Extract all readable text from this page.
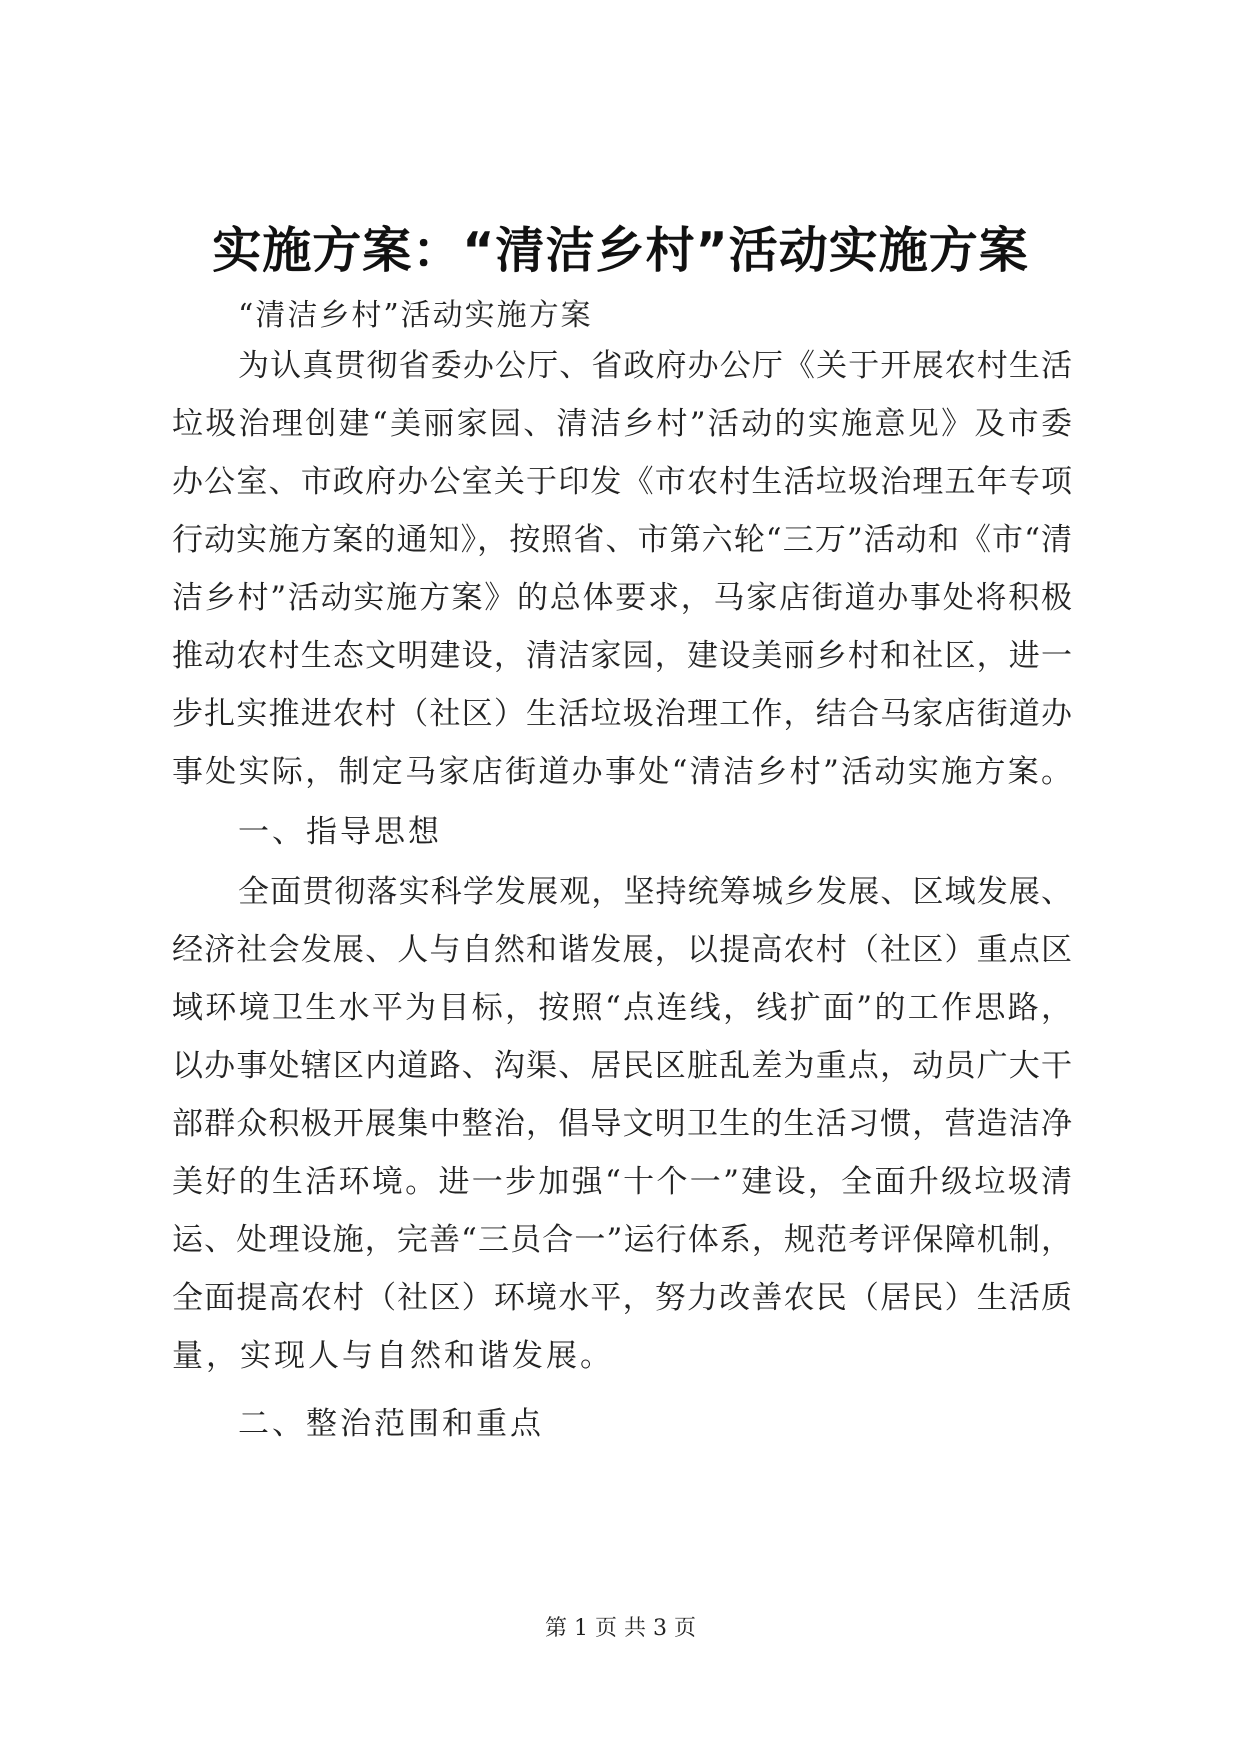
实施方案：“清洁乡村”活动实施方案
“清洁乡村”活动实施方案
为认真贯彻省委办公厅、省政府办公厅《关于开展农村生活
垃圾治理创建“美丽家园、清洁乡村”活动的实施意见》及市委
办公室、市政府办公室关于印发《市农村生活垃圾治理五年专项
行动实施方案的通知》，按照省、市第六轮“三万”活动和《市“清
洁乡村”活动实施方案》的总体要求，马家店街道办事处将积极
推动农村生态文明建设，清洁家园，建设美丽乡村和社区，进一
步扎实推进农村（社区）生活垃圾治理工作，结合马家店街道办
事处实际，制定马家店街道办事处“清洁乡村”活动实施方案。
一、指导思想
全面贯彻落实科学发展观，坚持统筹城乡发展、区域发展、
经济社会发展、人与自然和谐发展，以提高农村（社区）重点区
域环境卫生水平为目标，按照“点连线，线扩面”的工作思路，
以办事处辖区内道路、沟渠、居民区脏乱差为重点，动员广大干
部群众积极开展集中整治，倡导文明卫生的生活习惯，营造洁净
美好的生活环境。进一步加强“十个一”建设，全面升级垃圾清
运、处理设施，完善“三员合一”运行体系，规范考评保障机制，
全面提高农村（社区）环境水平，努力改善农民（居民）生活质
量，实现人与自然和谐发展。
二、整治范围和重点
第 1 页 共 3 页
